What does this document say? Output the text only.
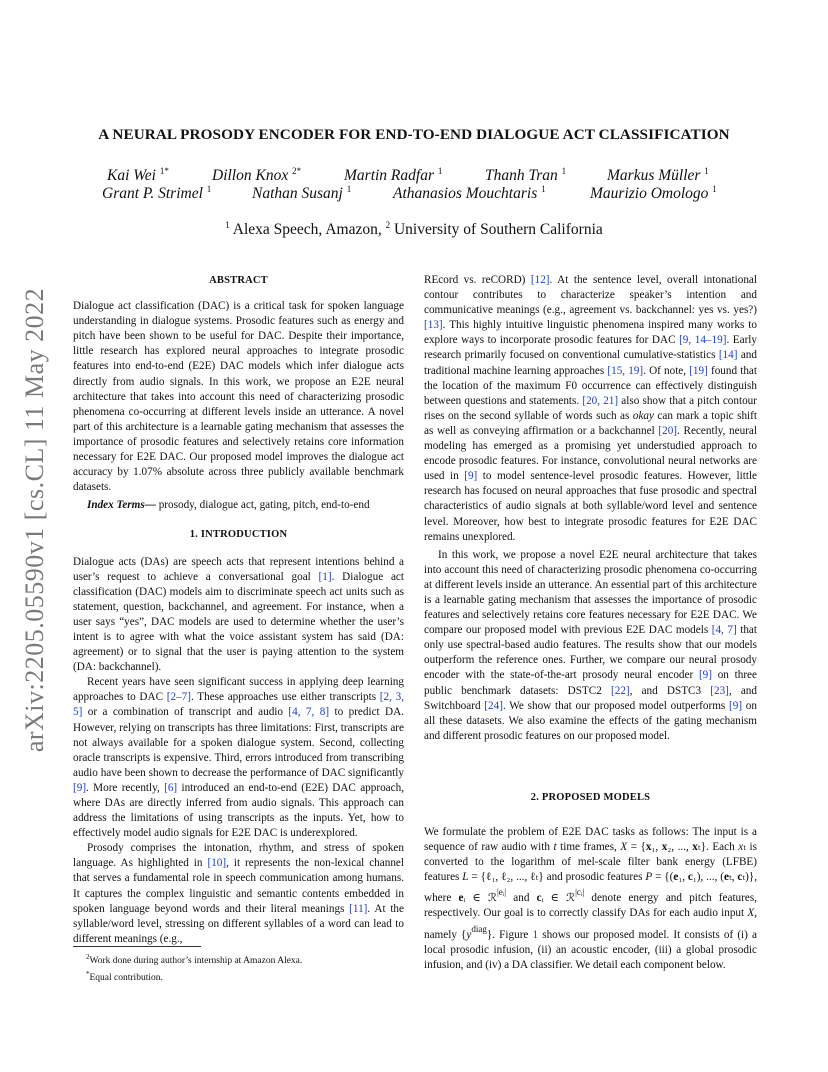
arXiv:2205.05590v1 [cs.CL] 11 May 2022
A NEURAL PROSODY ENCODER FOR END-TO-END DIALOGUE ACT CLASSIFICATION
Kai Wei $^{1*}$	Dillon Knox $^{2*}$	Martin Radfar $^1$	Thanh Tran $^1$	Markus Müller $^1$
Grant P. Strimel $^1$	Nathan Susanj $^1$	Athanasios Mouchtaris $^1$	Maurizio Omologo $^1$
$^1$ Alexa Speech, Amazon, $^2$ University of Southern California
ABSTRACT

Dialogue act classification (DAC) is a critical task for spoken language understanding in dialogue systems. Prosodic features such as energy and pitch have been shown to be useful for DAC. Despite their importance, little research has explored neural approaches to integrate prosodic features into end-to-end (E2E) DAC models which infer dialogue acts directly from audio signals. In this work, we propose an E2E neural architecture that takes into account this need of characterizing prosodic phenomena co-occurring at different levels inside an utterance. A novel part of this architecture is a learnable gating mechanism that assesses the importance of prosodic features and selectively retains core information necessary for E2E DAC. Our proposed model improves the dialogue act accuracy by 1.07% absolute across three publicly available benchmark datasets.

Index Terms— prosody, dialogue act, gating, pitch, end-to-end

1. INTRODUCTION

Dialogue acts (DAs) are speech acts that represent intentions behind a user’s request to achieve a conversational goal [1]. Dialogue act classification (DAC) models aim to discriminate speech act units such as statement, question, backchannel, and agreement. For instance, when a user says “yes”, DAC models are used to determine whether the user’s intent is to agree with what the voice assistant system has said (DA: agreement) or to signal that the user is paying attention to the system (DA: backchannel).

Recent years have seen significant success in applying deep learning approaches to DAC [2–7]. These approaches use either transcripts [2, 3, 5] or a combination of transcript and audio [4, 7, 8] to predict DA. However, relying on transcripts has three limitations: First, transcripts are not always available for a spoken dialogue system. Second, collecting oracle transcripts is expensive. Third, errors introduced from transcribing audio have been shown to decrease the performance of DAC significantly [9]. More recently, [6] introduced an end-to-end (E2E) DAC approach, where DAs are directly inferred from audio signals. This approach can address the limitations of using transcripts as the inputs. Yet, how to effectively model audio signals for E2E DAC is underexplored.

Prosody comprises the intonation, rhythm, and stress of spoken language. As highlighted in [10], it represents the non-lexical channel that serves a fundamental role in speech communication among humans. It captures the complex linguistic and semantic contents embedded in spoken language beyond words and their literal meanings [11]. At the syllable/word level, stressing on different syllables of a word can lead to different meanings (e.g.,

$^2$Work done during author’s internship at Amazon Alexa.
*Equal contribution.

REcord vs. reCORD) [12]. At the sentence level, overall intonational contour contributes to characterize speaker’s intention and communicative meanings (e.g., agreement vs. backchannel: yes vs. yes?) [13]. This highly intuitive linguistic phenomena inspired many works to explore ways to incorporate prosodic features for DAC [9, 14–19]. Early research primarily focused on conventional cumulative-statistics [14] and traditional machine learning approaches [15, 19]. Of note, [19] found that the location of the maximum F0 occurrence can effectively distinguish between questions and statements. [20, 21] also show that a pitch contour rises on the second syllable of words such as okay can mark a topic shift as well as conveying affirmation or a backchannel [20]. Recently, neural modeling has emerged as a promising yet understudied approach to encode prosodic features. For instance, convolutional neural networks are used in [9] to model sentence-level prosodic features. However, little research has focused on neural approaches that fuse prosodic and spectral characteristics of audio signals at both syllable/word level and sentence level. Moreover, how best to integrate prosodic features for E2E DAC remains unexplored.

In this work, we propose a novel E2E neural architecture that takes into account this need of characterizing prosodic phenomena co-occurring at different levels inside an utterance. An essential part of this architecture is a learnable gating mechanism that assesses the importance of prosodic features and selectively retains core features necessary for E2E DAC. We compare our proposed model with previous E2E DAC models [4, 7] that only use spectral-based audio features. The results show that our models outperform the reference ones. Further, we compare our neural prosody encoder with the state-of-the-art prosody neural encoder [9] on three public benchmark datasets: DSTC2 [22], and DSTC3 [23], and Switchboard [24]. We show that our proposed model outperforms [9] on all these datasets. We also examine the effects of the gating mechanism and different prosodic features on our proposed model.

2. PROPOSED MODELS

We formulate the problem of E2E DAC tasks as follows: The input is a sequence of raw audio with t time frames, X = {x₁, x₂, ..., xₜ}. Each xₜ is converted to the logarithm of mel-scale filter bank energy (LFBE) features L = {ℓ₁, ℓ₂, ..., ℓₜ} and prosodic features P = {(e₁, c₁), ..., (eₜ, cₜ)}, where eᵢ ∈ ℛ$^{|eᵢ|}$ and cᵢ ∈ ℛ$^{|cᵢ|}$ denote energy and pitch features, respectively. Our goal is to correctly classify DAs for each audio input X, namely $\{y^{diag}\}$. Figure 1 shows our proposed model. It consists of (i) a local prosodic infusion, (ii) an acoustic encoder, (iii) a global prosodic infusion, and (iv) a DA classifier. We detail each component below.
